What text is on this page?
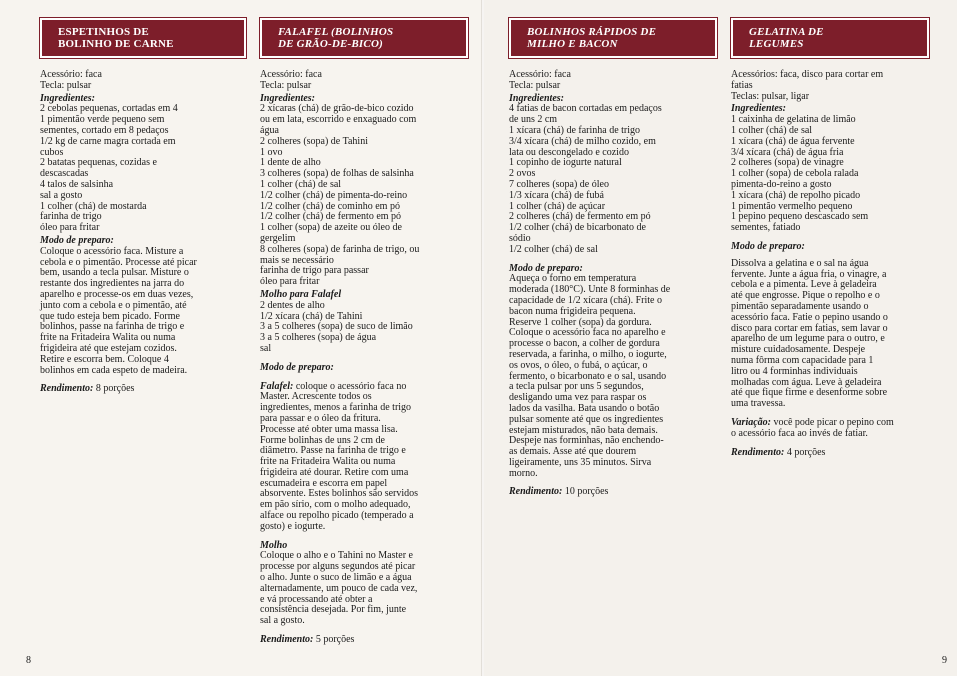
ESPETINHOS DE
BOLINHO DE CARNE

Acessório: faca

Tecla: pulsar

Ingredientes:

2 cebolas pequenas, cortadas em 4

1 pimentão verde pequeno sem

sementes, cortado em 8 pedaços

1/2 kg de carne magra cortada em

cubos

2 batatas pequenas, cozidas e

descascadas

4 talos de salsinha

sal a gosto

1 colher (chá) de mostarda

farinha de trigo

óleo para fritar

Modo de preparo:

Coloque o acessório faca. Misture a

cebola e o pimentão. Processe até picar

bem, usando a tecla pulsar. Misture o

restante dos ingredientes na jarra do

aparelho e processe-os em duas vezes,

junto com a cebola e o pimentão, até

que tudo esteja bem picado. Forme

bolinhos, passe na farinha de trigo e

frite na Fritadeira Walita ou numa

frigideira até que estejam cozidos.

Retire e escorra bem. Coloque 4

bolinhos em cada espeto de madeira.

Rendimento: 8 porções

FALAFEL (BOLINHOS
DE GRÃO-DE-BICO)

Acessório: faca

Tecla: pulsar

Ingredientes:

2 xícaras (chá) de grão-de-bico cozido

ou em lata, escorrido e enxaguado com

água

2 colheres (sopa) de Tahini

1 ovo

1 dente de alho

3 colheres (sopa) de folhas de salsinha

1 colher (chá) de sal

1/2 colher (chá) de pimenta-do-reino

1/2 colher (chá) de cominho em pó

1/2 colher (chá) de fermento em pó

1 colher (sopa) de azeite ou óleo de

gergelim

8 colheres (sopa) de farinha de trigo, ou

mais se necessário

farinha de trigo para passar

óleo para fritar

Molho para Falafel

2 dentes de alho

1/2 xícara (chá) de Tahini

3 a 5 colheres (sopa) de suco de limão

3 a 5 colheres (sopa) de água

sal

Modo de preparo:

Falafel: coloque o acessório faca no

Master. Acrescente todos os

ingredientes, menos a farinha de trigo

para passar e o óleo da fritura.

Processe até obter uma massa lisa.

Forme bolinhas de uns 2 cm de

diâmetro. Passe na farinha de trigo e

frite na Fritadeira Walita ou numa

frigideira até dourar. Retire com uma

escumadeira e escorra em papel

absorvente. Estes bolinhos são servidos

em pão sírio, com o molho adequado,

alface ou repolho picado (temperado a

gosto) e iogurte.

Molho

Coloque o alho e o Tahini no Master e

processe por alguns segundos até picar

o alho. Junte o suco de limão e a água

alternadamente, um pouco de cada vez,

e vá processando até obter a

consistência desejada. Por fim, junte

sal a gosto.

Rendimento: 5 porções

8
BOLINHOS RÁPIDOS DE
MILHO E BACON

Acessório: faca

Tecla: pulsar

Ingredientes:

4 fatias de bacon cortadas em pedaços

de uns 2 cm

1 xícara (chá) de farinha de trigo

3/4 xícara (chá) de milho cozido, em

lata ou descongelado e cozido

1 copinho de iogurte natural

2 ovos

7 colheres (sopa) de óleo

1/3 xícara (chá) de fubá

1 colher (chá) de açúcar

2 colheres (chá) de fermento em pó

1/2 colher (chá) de bicarbonato de

sódio

1/2 colher (chá) de sal

Modo de preparo:

Aqueça o forno em temperatura

moderada (180°C). Unte 8 forminhas de

capacidade de 1/2 xícara (chá). Frite o

bacon numa frigideira pequena.

Reserve 1 colher (sopa) da gordura.

Coloque o acessório faca no aparelho e

processe o bacon, a colher de gordura

reservada, a farinha, o milho, o iogurte,

os ovos, o óleo, o fubá, o açúcar, o

fermento, o bicarbonato e o sal, usando

a tecla pulsar por uns 5 segundos,

desligando uma vez para raspar os

lados da vasilha. Bata usando o botão

pulsar somente até que os ingredientes

estejam misturados, não bata demais.

Despeje nas forminhas, não enchendo-

as demais. Asse até que dourem

ligeiramente, uns 35 minutos. Sirva

morno.

Rendimento: 10 porções

GELATINA DE
LEGUMES

Acessórios: faca, disco para cortar em

fatias

Teclas: pulsar, ligar

Ingredientes:

1 caixinha de gelatina de limão

1 colher (chá) de sal

1 xícara (chá) de água fervente

3/4 xícara (chá) de água fria

2 colheres (sopa) de vinagre

1 colher (sopa) de cebola ralada

pimenta-do-reino a gosto

1 xícara (chá) de repolho picado

1 pimentão vermelho pequeno

1 pepino pequeno descascado sem

sementes, fatiado

Modo de preparo:

Dissolva a gelatina e o sal na água

fervente. Junte a água fria, o vinagre, a

cebola e a pimenta. Leve à geladeira

até que engrosse. Pique o repolho e o

pimentão separadamente usando o

acessório faca. Fatie o pepino usando o

disco para cortar em fatias, sem lavar o

aparelho de um legume para o outro, e

misture cuidadosamente. Despeje

numa fôrma com capacidade para 1

litro ou 4 forminhas individuais

molhadas com água. Leve à geladeira

até que fique firme e desenforme sobre

uma travessa.

Variação: você pode picar o pepino com

o acessório faca ao invés de fatiar.

Rendimento: 4 porções

9
